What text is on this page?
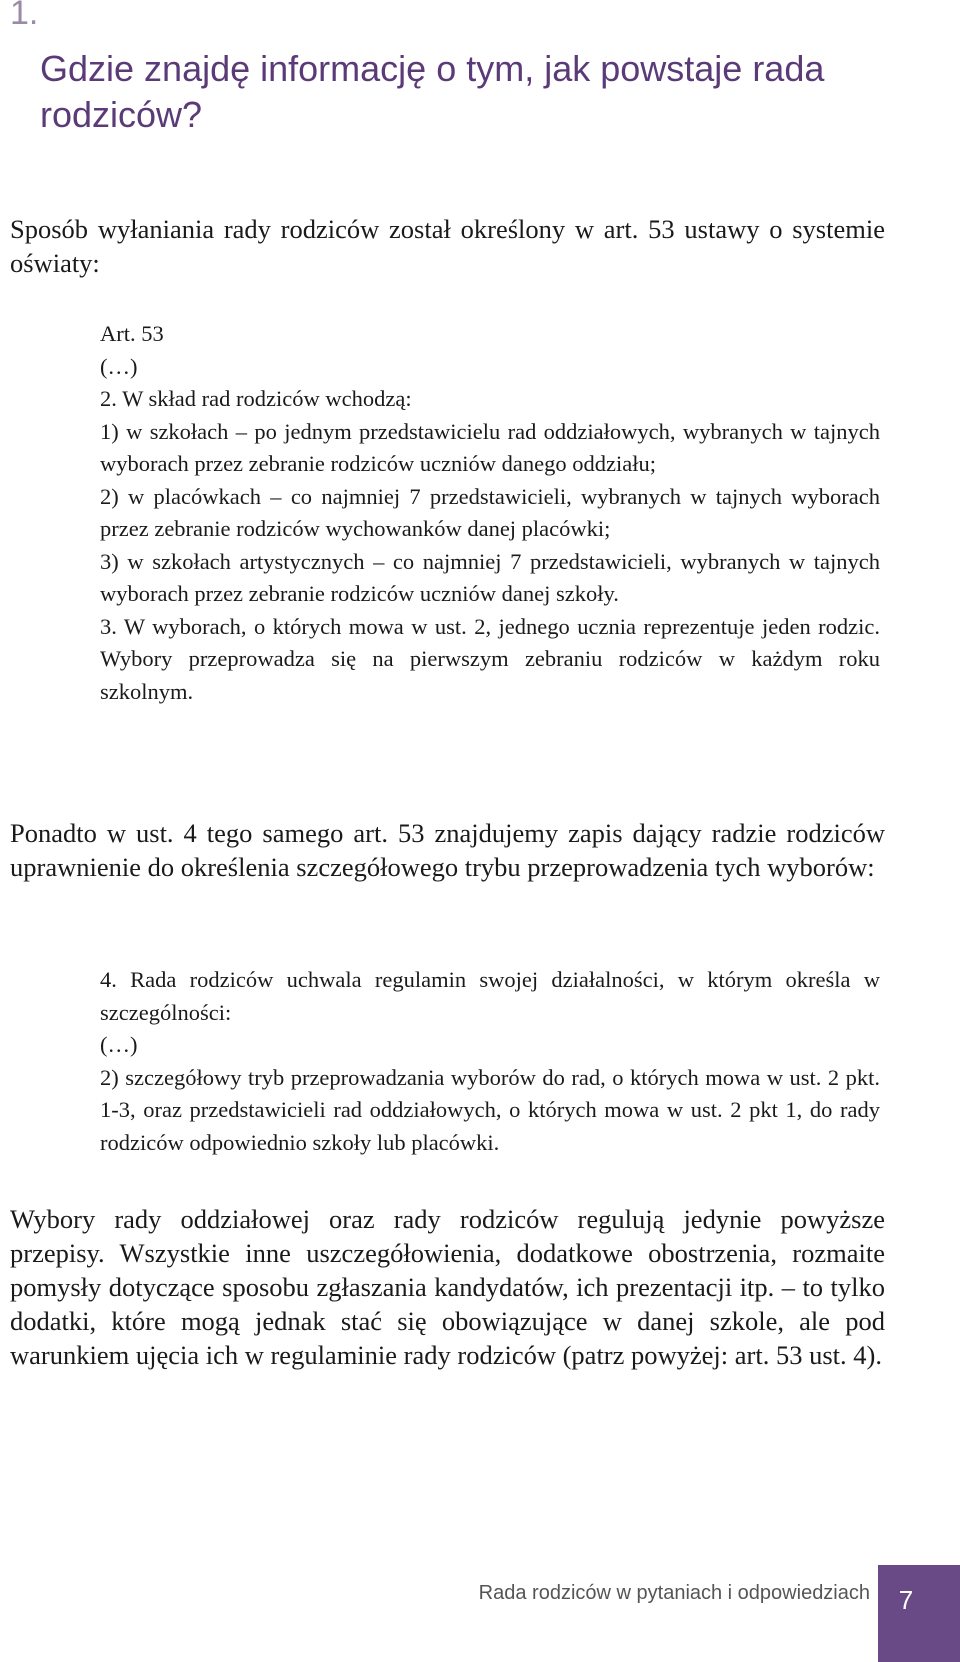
1.
Gdzie znajdę informację o tym, jak powstaje rada rodziców?

Sposób wyłaniania rady rodziców został określony w art. 53 ustawy o systemie oświaty:

Art. 53
(…)
2. W skład rad rodziców wchodzą:
1) w szkołach – po jednym przedstawicielu rad oddziałowych, wybranych w tajnych wyborach przez zebranie rodziców uczniów danego oddziału;
2) w placówkach – co najmniej 7 przedstawicieli, wybranych w tajnych wyborach przez zebranie rodziców wychowanków danej placówki;
3) w szkołach artystycznych – co najmniej 7 przedstawicieli, wybranych w tajnych wyborach przez zebranie rodziców uczniów danej szkoły.
3. W wyborach, o których mowa w ust. 2, jednego ucznia reprezentuje jeden rodzic. Wybory przeprowadza się na pierwszym zebraniu rodziców w każdym roku szkolnym.

Ponadto w ust. 4 tego samego art. 53 znajdujemy zapis dający radzie rodziców uprawnienie do określenia szczegółowego trybu przeprowadzenia tych wyborów:

4. Rada rodziców uchwala regulamin swojej działalności, w którym określa w szczególności:
(…)
2) szczegółowy tryb przeprowadzania wyborów do rad, o których mowa w ust. 2 pkt. 1-3, oraz przedstawicieli rad oddziałowych, o których mowa w ust. 2 pkt 1, do rady rodziców odpowiednio szkoły lub placówki.

Wybory rady oddziałowej oraz rady rodziców regulują jedynie powyższe przepisy. Wszystkie inne uszczegółowienia, dodatkowe obostrzenia, rozmaite pomysły dotyczące sposobu zgłaszania kandydatów, ich prezentacji itp. – to tylko dodatki, które mogą jednak stać się obowiązujące w danej szkole, ale pod warunkiem ujęcia ich w regulaminie rady rodziców (patrz powyżej: art. 53 ust. 4).

Rada rodziców w pytaniach i odpowiedziach	7
